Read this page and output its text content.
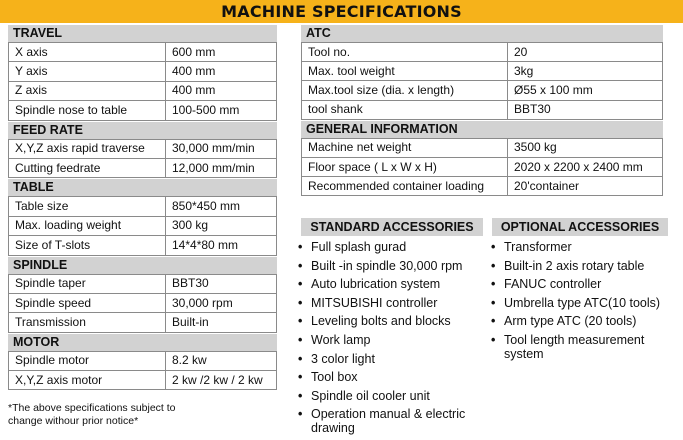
MACHINE SPECIFICATIONS
TRAVEL
X axis	600 mm
Y axis	400 mm
Z axis	400 mm
Spindle nose to table	100-500 mm
FEED RATE
X,Y,Z axis rapid traverse	30,000 mm/min
Cutting feedrate	12,000 mm/min
TABLE
Table size	850*450 mm
Max. loading weight	300 kg
Size of T-slots	14*4*80 mm
SPINDLE
Spindle taper	BBT30
Spindle speed	30,000 rpm
Transmission	Built-in
MOTOR
Spindle motor	8.2 kw
X,Y,Z axis motor	2 kw /2 kw / 2 kw
ATC
Tool no.	20
Max. tool weight	3kg
Max.tool size (dia. x length)	Ø55 x 100 mm
tool shank	BBT30
GENERAL INFORMATION
Machine net weight	3500 kg
Floor space ( L x W x H)	2020 x 2200 x 2400 mm
Recommended container loading	20'container
STANDARD ACCESSORIES
• Full splash gurad
• Built -in spindle 30,000 rpm
• Auto lubrication system
• MITSUBISHI controller
• Leveling bolts and blocks
• Work lamp
• 3 color light
• Tool box
• Spindle oil cooler unit
• Operation manual & electric drawing
OPTIONAL ACCESSORIES
• Transformer
• Built-in 2 axis rotary table
• FANUC controller
• Umbrella type ATC(10 tools)
• Arm type ATC (20 tools)
• Tool length measurement system
*The above specifications subject to change withour prior notice*
